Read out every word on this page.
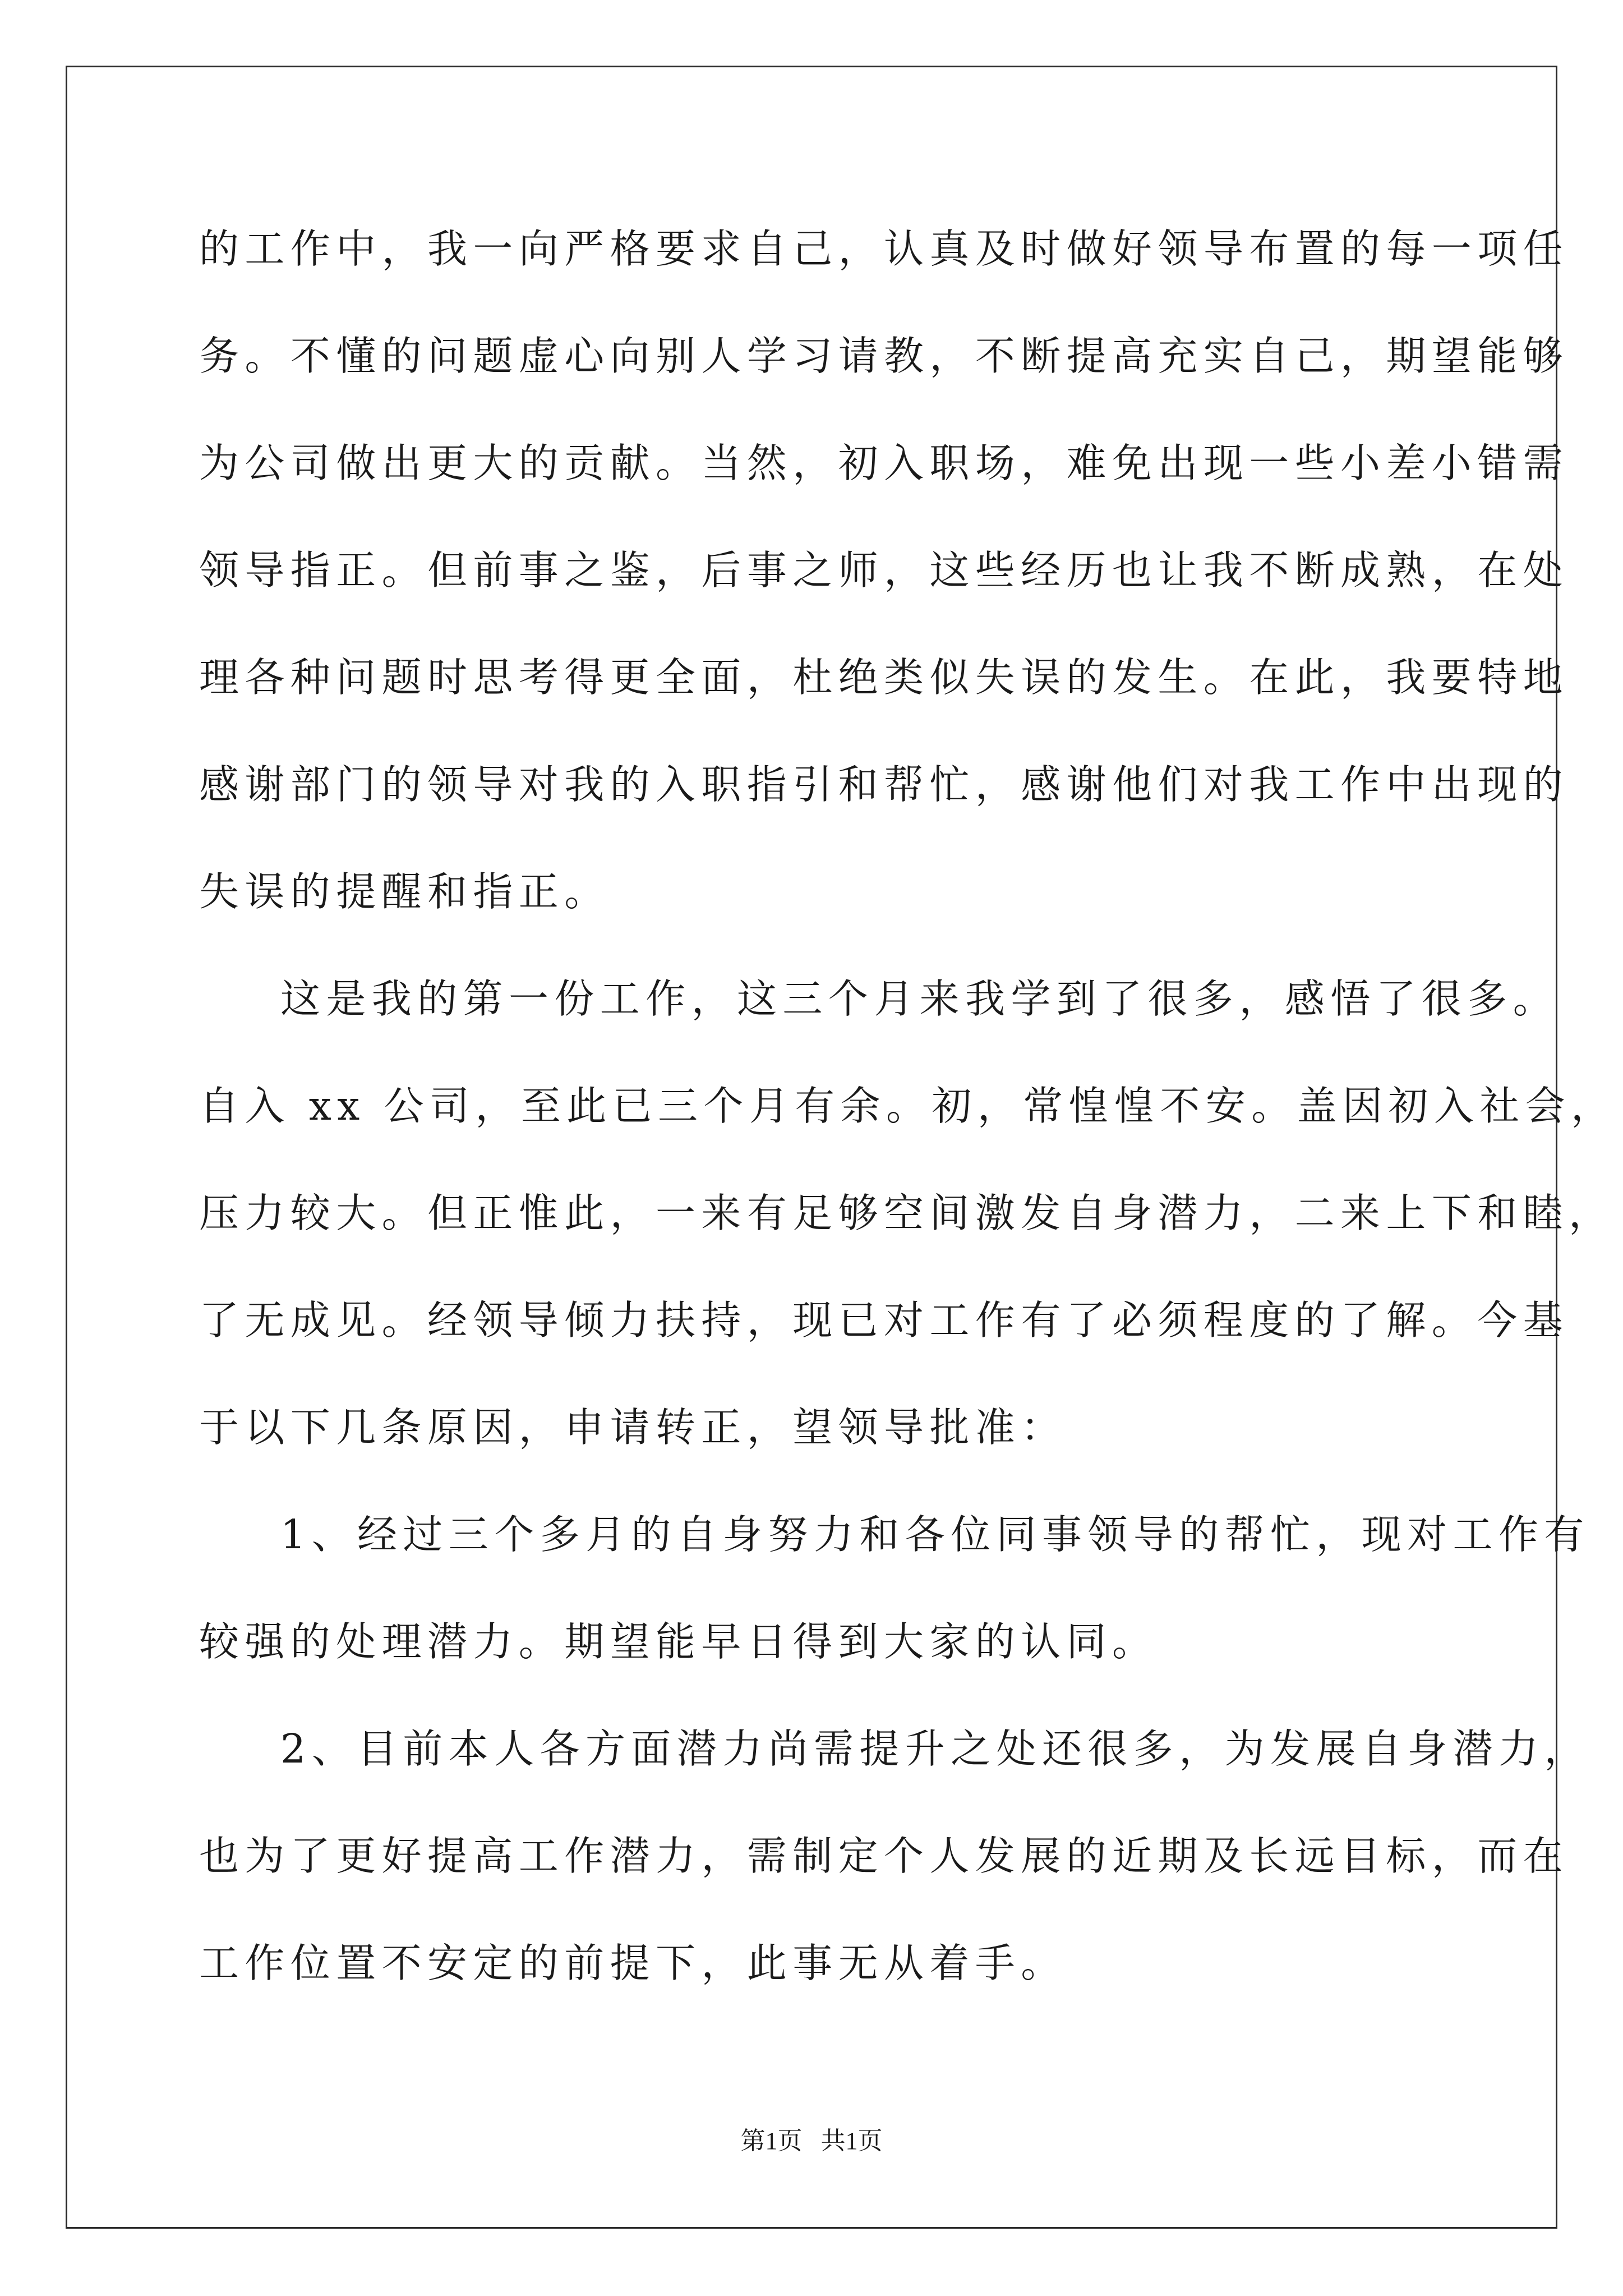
的工作中，我一向严格要求自己，认真及时做好领导布置的每一项任
务。不懂的问题虚心向别人学习请教，不断提高充实自己，期望能够
为公司做出更大的贡献。当然，初入职场，难免出现一些小差小错需
领导指正。但前事之鉴，后事之师，这些经历也让我不断成熟，在处
理各种问题时思考得更全面，杜绝类似失误的发生。在此，我要特地
感谢部门的领导对我的入职指引和帮忙，感谢他们对我工作中出现的
失误的提醒和指正。
这是我的第一份工作，这三个月来我学到了很多，感悟了很多。
自入 xx 公司，至此已三个月有余。初，常惶惶不安。盖因初入社会，
压力较大。但正惟此，一来有足够空间激发自身潜力，二来上下和睦，
了无成见。经领导倾力扶持，现已对工作有了必须程度的了解。今基
于以下几条原因，申请转正，望领导批准：
1、经过三个多月的自身努力和各位同事领导的帮忙，现对工作有
较强的处理潜力。期望能早日得到大家的认同。
2、目前本人各方面潜力尚需提升之处还很多，为发展自身潜力，
也为了更好提高工作潜力，需制定个人发展的近期及长远目标，而在
工作位置不安定的前提下，此事无从着手。
第1页   共1页
